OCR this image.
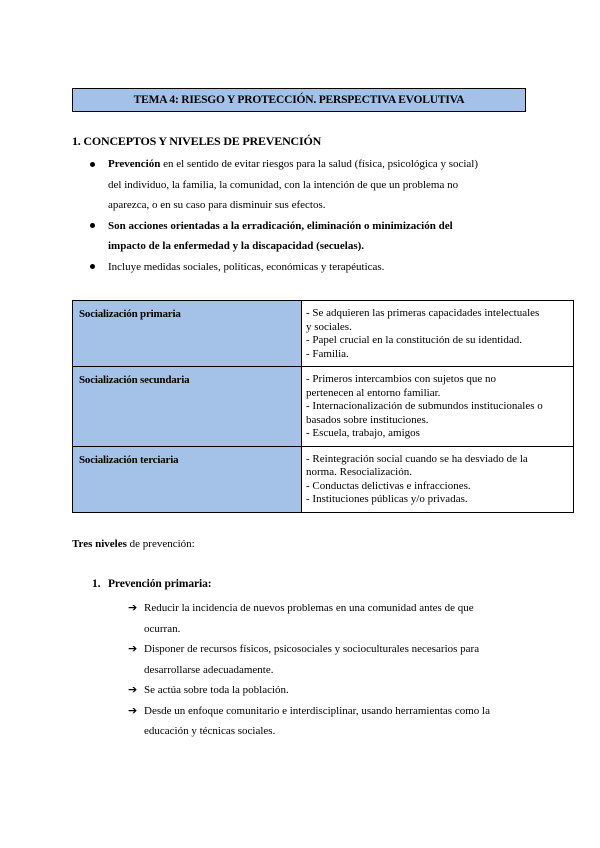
TEMA 4: RIESGO Y PROTECCIÓN. PERSPECTIVA EVOLUTIVA
1. CONCEPTOS Y NIVELES DE PREVENCIÓN
Prevención en el sentido de evitar riesgos para la salud (física, psicológica y social)
del individuo, la familia, la comunidad, con la intención de que un problema no
aparezca, o en su caso para disminuir sus efectos.
Son acciones orientadas a la erradicación, eliminación o minimización del
impacto de la enfermedad y la discapacidad (secuelas).
Incluye medidas sociales, políticas, económicas y terapéuticas.
Socialización primaria	- Se adquieren las primeras capacidades intelectuales
y sociales.
- Papel crucial en la constitución de su identidad.
- Familia.

Socialización secundaria	- Primeros intercambios con sujetos que no
pertenecen al entorno familiar.
- Internacionalización de submundos institucionales o
basados sobre instituciones.
- Escuela, trabajo, amigos

Socialización terciaria	- Reintegración social cuando se ha desviado de la
norma. Resocialización.
- Conductas delictivas e infracciones.
- Instituciones públicas y/o privadas.
Tres niveles de prevención:
1. Prevención primaria:
➔ Reducir la incidencia de nuevos problemas en una comunidad antes de que
ocurran.
➔ Disponer de recursos físicos, psicosociales y socioculturales necesarios para
desarrollarse adecuadamente.
➔ Se actúa sobre toda la población.
➔ Desde un enfoque comunitario e interdisciplinar, usando herramientas como la
educación y técnicas sociales.
